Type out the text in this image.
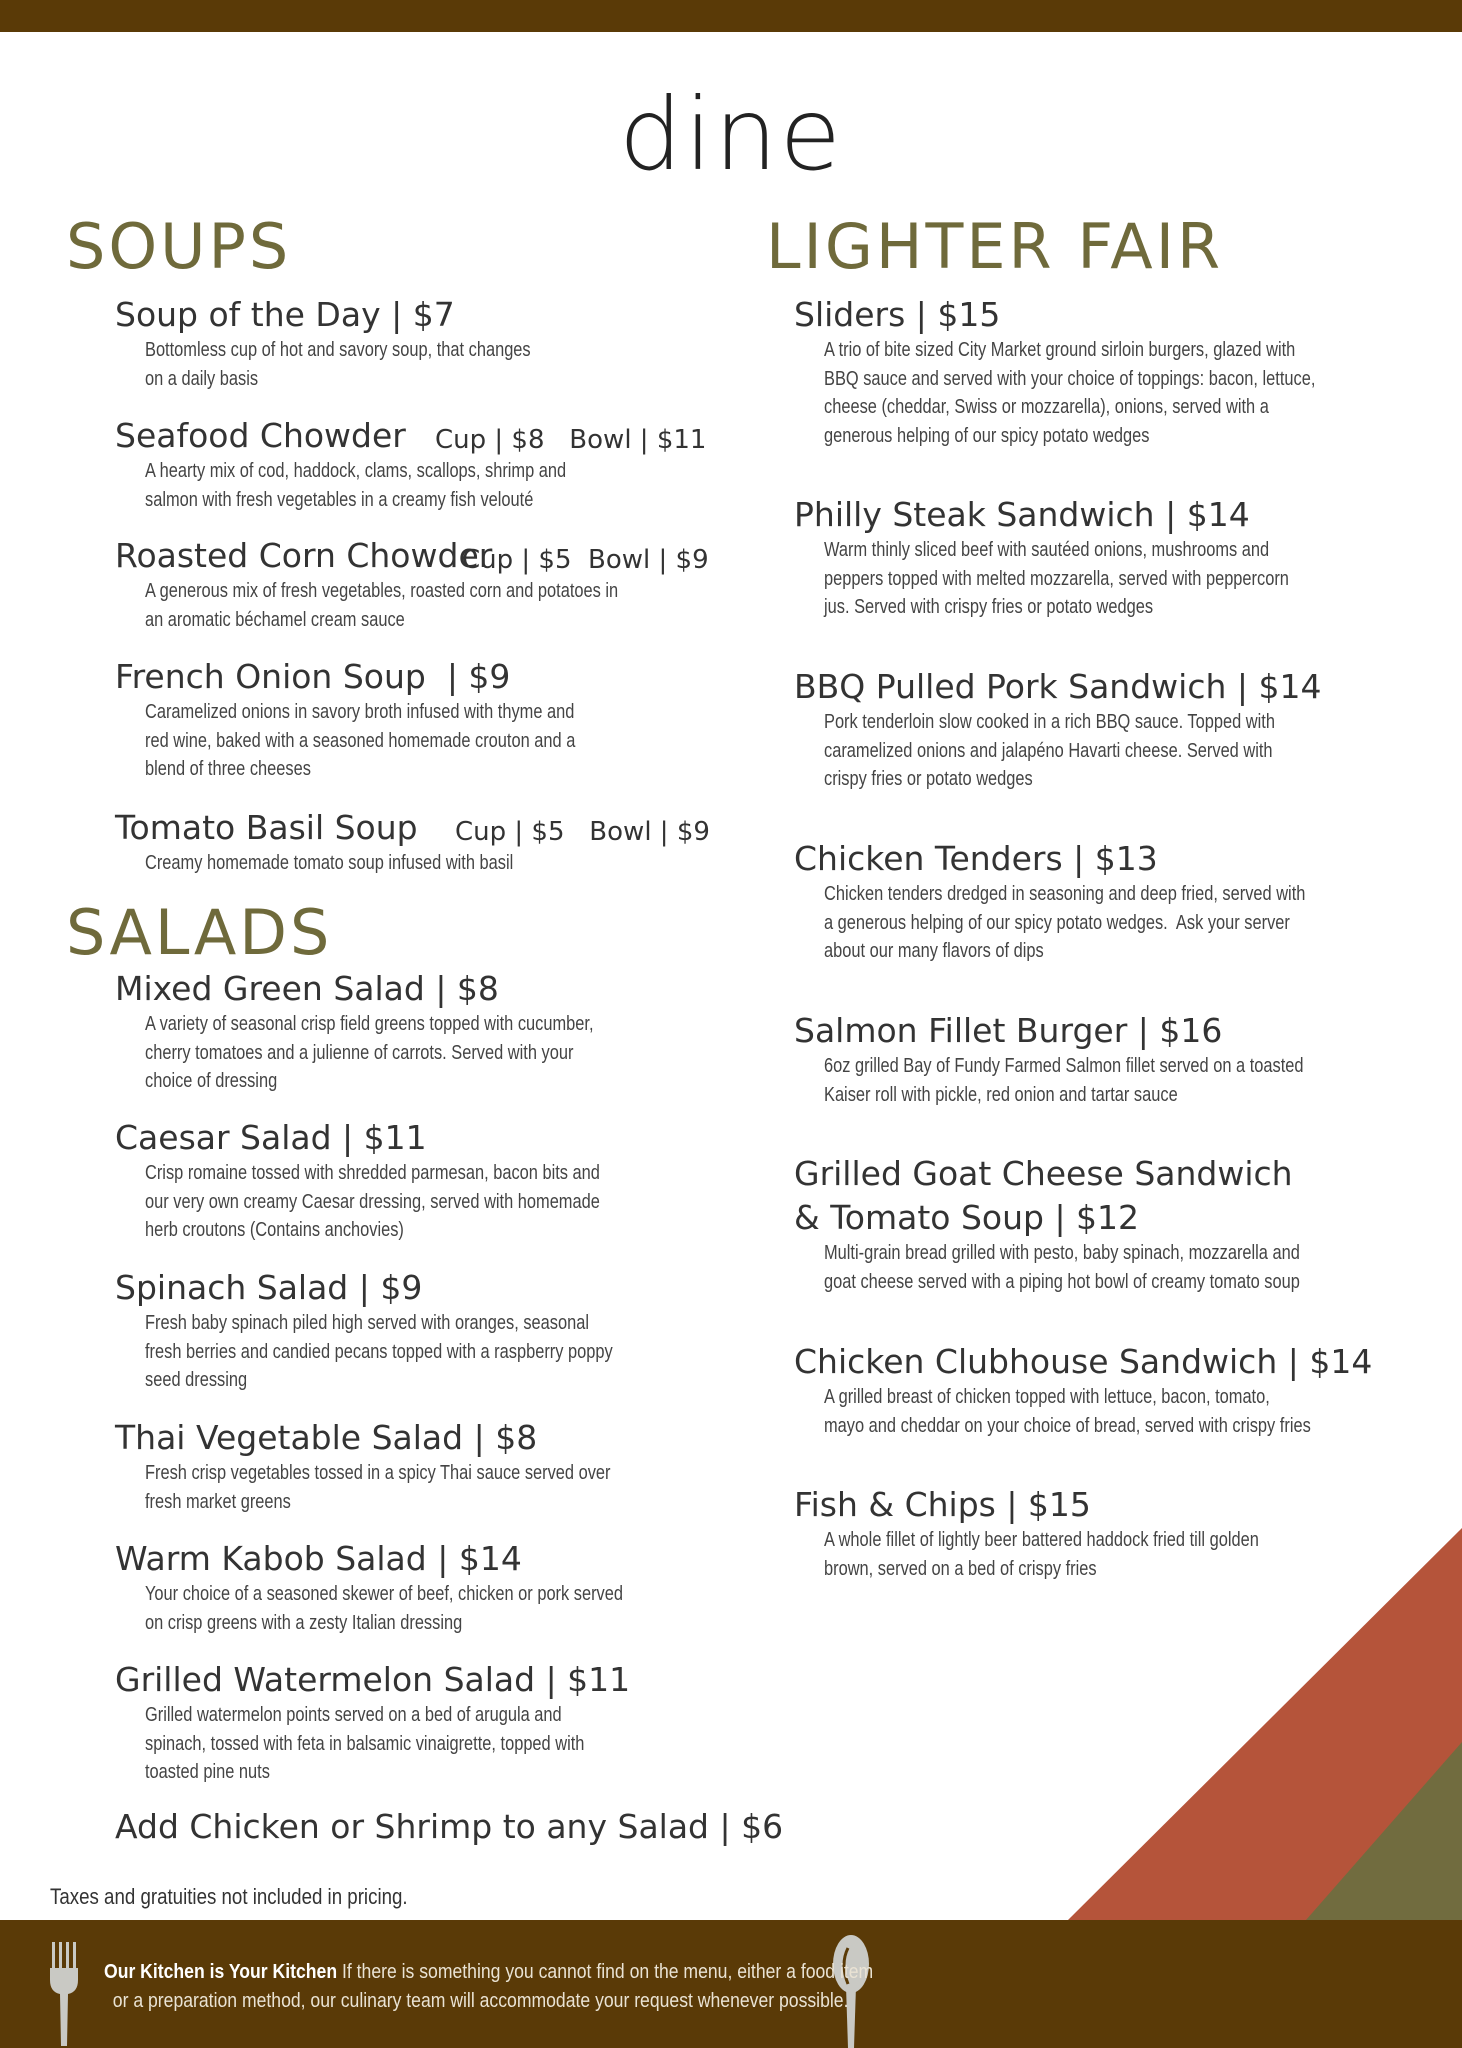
dine
SOUPS
Soup of the Day | $7
Bottomless cup of hot and savory soup, that changes
on a daily basis
Seafood Chowder Cup | $8   Bowl | $11
A hearty mix of cod, haddock, clams, scallops, shrimp and
salmon with fresh vegetables in a creamy fish velouté
Roasted Corn Chowder
Cup | $5  Bowl | $9
A generous mix of fresh vegetables, roasted corn and potatoes in
an aromatic béchamel cream sauce
French Onion Soup  | $9
Caramelized onions in savory broth infused with thyme and
red wine, baked with a seasoned homemade crouton and a
blend of three cheeses
Tomato Basil Soup Cup | $5   Bowl | $9
Creamy homemade tomato soup infused with basil
SALADS
Mixed Green Salad | $8
A variety of seasonal crisp field greens topped with cucumber,
cherry tomatoes and a julienne of carrots. Served with your
choice of dressing
Caesar Salad | $11
Crisp romaine tossed with shredded parmesan, bacon bits and
our very own creamy Caesar dressing, served with homemade
herb croutons (Contains anchovies)
Spinach Salad | $9
Fresh baby spinach piled high served with oranges, seasonal
fresh berries and candied pecans topped with a raspberry poppy
seed dressing
Thai Vegetable Salad | $8
Fresh crisp vegetables tossed in a spicy Thai sauce served over
fresh market greens
Warm Kabob Salad | $14
Your choice of a seasoned skewer of beef, chicken or pork served
on crisp greens with a zesty Italian dressing
Grilled Watermelon Salad | $11
Grilled watermelon points served on a bed of arugula and
spinach, tossed with feta in balsamic vinaigrette, topped with
toasted pine nuts
Add Chicken or Shrimp to any Salad | $6
LIGHTER FAIR
Sliders | $15
A trio of bite sized City Market ground sirloin burgers, glazed with
BBQ sauce and served with your choice of toppings: bacon, lettuce,
cheese (cheddar, Swiss or mozzarella), onions, served with a
generous helping of our spicy potato wedges
Philly Steak Sandwich | $14
Warm thinly sliced beef with sautéed onions, mushrooms and
peppers topped with melted mozzarella, served with peppercorn
jus. Served with crispy fries or potato wedges
BBQ Pulled Pork Sandwich | $14
Pork tenderloin slow cooked in a rich BBQ sauce. Topped with
caramelized onions and jalapéno Havarti cheese. Served with
crispy fries or potato wedges
Chicken Tenders | $13
Chicken tenders dredged in seasoning and deep fried, served with
a generous helping of our spicy potato wedges.  Ask your server
about our many flavors of dips
Salmon Fillet Burger | $16
6oz grilled Bay of Fundy Farmed Salmon fillet served on a toasted
Kaiser roll with pickle, red onion and tartar sauce
Grilled Goat Cheese Sandwich
& Tomato Soup | $12
Multi-grain bread grilled with pesto, baby spinach, mozzarella and
goat cheese served with a piping hot bowl of creamy tomato soup
Chicken Clubhouse Sandwich | $14
A grilled breast of chicken topped with lettuce, bacon, tomato,
mayo and cheddar on your choice of bread, served with crispy fries
Fish & Chips | $15
A whole fillet of lightly beer battered haddock fried till golden
brown, served on a bed of crispy fries
Taxes and gratuities not included in pricing.
Our Kitchen is Your Kitchen If there is something you cannot find on the menu, either a food item
or a preparation method, our culinary team will accommodate your request whenever possible.
